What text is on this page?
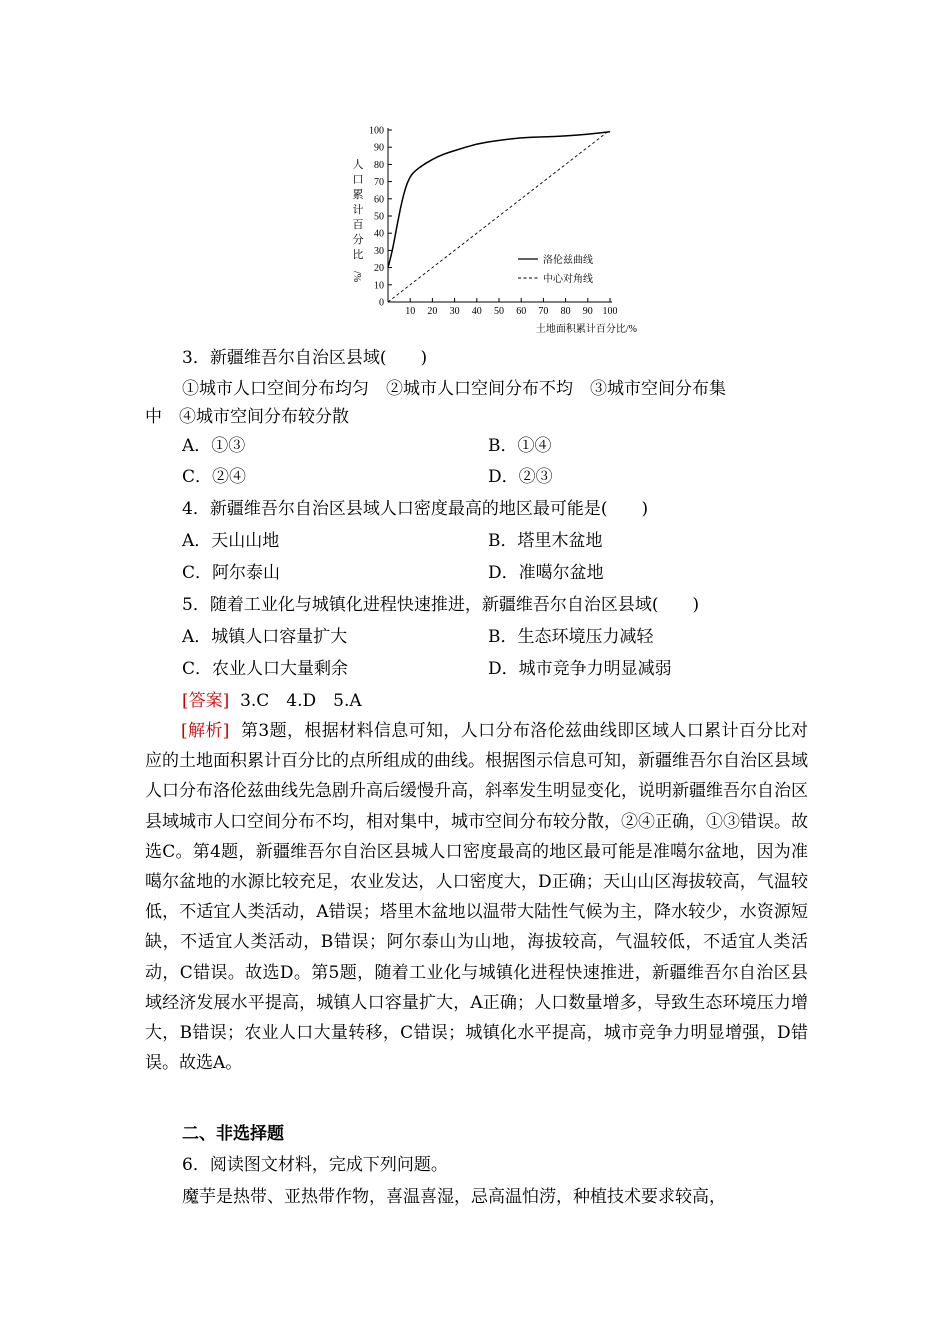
0
10
20
30
40
50
60
70
80
90
100
10 20 30 40 50 60 70 80 90 100
人
口
累
计
百
分
比
/%
土地面积累计百分比/%
洛伦兹曲线
中心对角线
3．新疆维吾尔自治区县域(　　)
①城市人口空间分布均匀　②城市人口空间分布不均　③城市空间分布集
中　④城市空间分布较分散
A．①③	B．①④
C．②④	D．②③
4．新疆维吾尔自治区县域人口密度最高的地区最可能是(　　)
A．天山山地	B．塔里木盆地
C．阿尔泰山	D．准噶尔盆地
5．随着工业化与城镇化进程快速推进，新疆维吾尔自治区县域(　　)
A．城镇人口容量扩大	B．生态环境压力减轻
C．农业人口大量剩余	D．城市竞争力明显减弱
[答案] 3.C　4.D　5.A
[解析] 第3题，根据材料信息可知，人口分布洛伦兹曲线即区域人口累计百分比对应的土地面积累计百分比的点所组成的曲线。根据图示信息可知，新疆维吾尔自治区县域人口分布洛伦兹曲线先急剧升高后缓慢升高，斜率发生明显变化，说明新疆维吾尔自治区县域城市人口空间分布不均，相对集中，城市空间分布较分散，②④正确，①③错误。故选C。第4题，新疆维吾尔自治区县城人口密度最高的地区最可能是准噶尔盆地，因为准噶尔盆地的水源比较充足，农业发达，人口密度大，D正确；天山山区海拔较高，气温较低，不适宜人类活动，A错误；塔里木盆地以温带大陆性气候为主，降水较少，水资源短缺，不适宜人类活动，B错误；阿尔泰山为山地，海拔较高，气温较低，不适宜人类活动，C错误。故选D。第5题，随着工业化与城镇化进程快速推进，新疆维吾尔自治区县域经济发展水平提高，城镇人口容量扩大，A正确；人口数量增多，导致生态环境压力增大，B错误；农业人口大量转移，C错误；城镇化水平提高，城市竞争力明显增强，D错误。故选A。
二、非选择题
6．阅读图文材料，完成下列问题。
魔芋是热带、亚热带作物，喜温喜湿，忌高温怕涝，种植技术要求较高，
